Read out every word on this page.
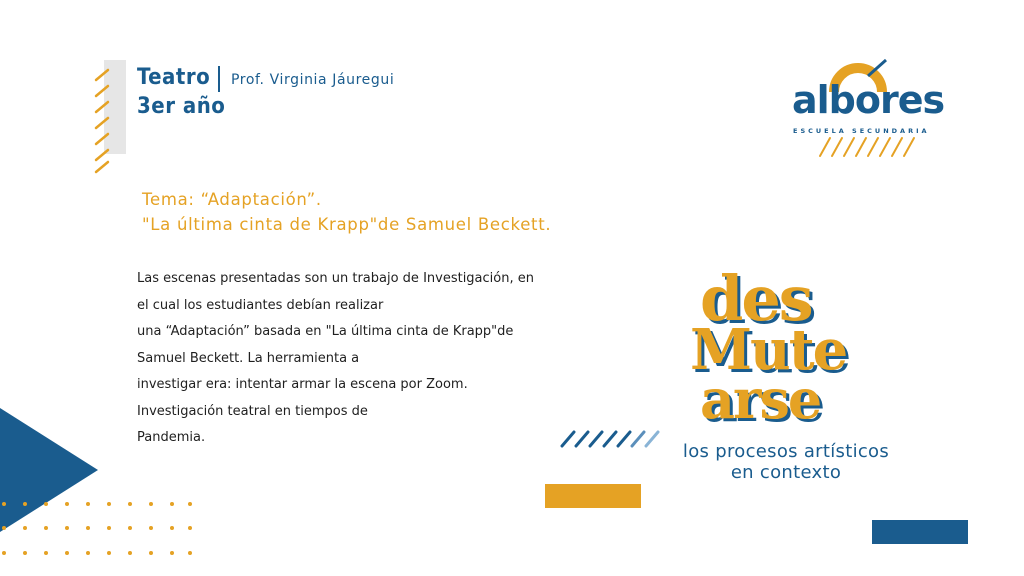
Teatro
3er año
Prof. Virginia Jáuregui	albores
ESCUELA SECUNDARIA
Tema: “Adaptación”.
"La última cinta de Krapp"de Samuel Beckett.
Las escenas presentadas son un trabajo de Investigación, en
el cual los estudiantes debían realizar
una “Adaptación” basada en "La última cinta de Krapp"de
Samuel Beckett. La herramienta a
investigar era: intentar armar la escena por Zoom.
Investigación teatral en tiempos de
Pandemia.
des
Mute
arse
los procesos artísticos
en contexto
